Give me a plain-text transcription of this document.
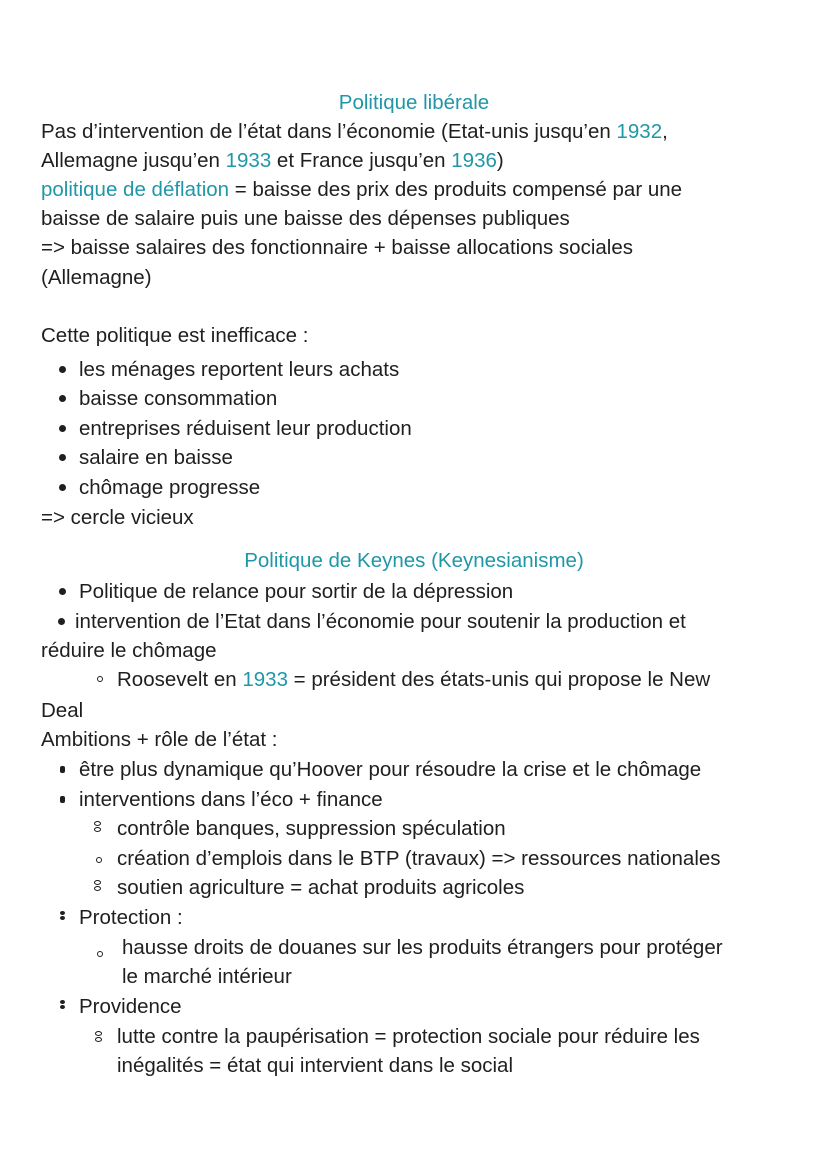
Politique libérale
Pas d’intervention de l’état dans l’économie (Etat-unis jusqu’en 1932,
Allemagne jusqu’en 1933 et France jusqu’en 1936)
politique de déflation = baisse des prix des produits compensé par une
baisse de salaire puis une baisse des dépenses publiques
=> baisse salaires des fonctionnaire + baisse allocations sociales
(Allemagne)
Cette politique est inefficace :
les ménages reportent leurs achats
baisse consommation
entreprises réduisent leur production
salaire en baisse
chômage progresse
=> cercle vicieux
Politique de Keynes (Keynesianisme)
Politique de relance pour sortir de la dépression
intervention de l’Etat dans l’économie pour soutenir la production et
réduire le chômage
Roosevelt en 1933 = président des états-unis qui propose le New
Deal
Ambitions + rôle de l’état :
être plus dynamique qu’Hoover pour résoudre la crise et le chômage
interventions dans l’éco + finance
contrôle banques, suppression spéculation
création d’emplois dans le BTP (travaux) => ressources nationales
soutien agriculture = achat produits agricoles
Protection :
hausse droits de douanes sur les produits étrangers pour protéger
le marché intérieur
Providence
lutte contre la paupérisation = protection sociale pour réduire les
inégalités = état qui intervient dans le social
